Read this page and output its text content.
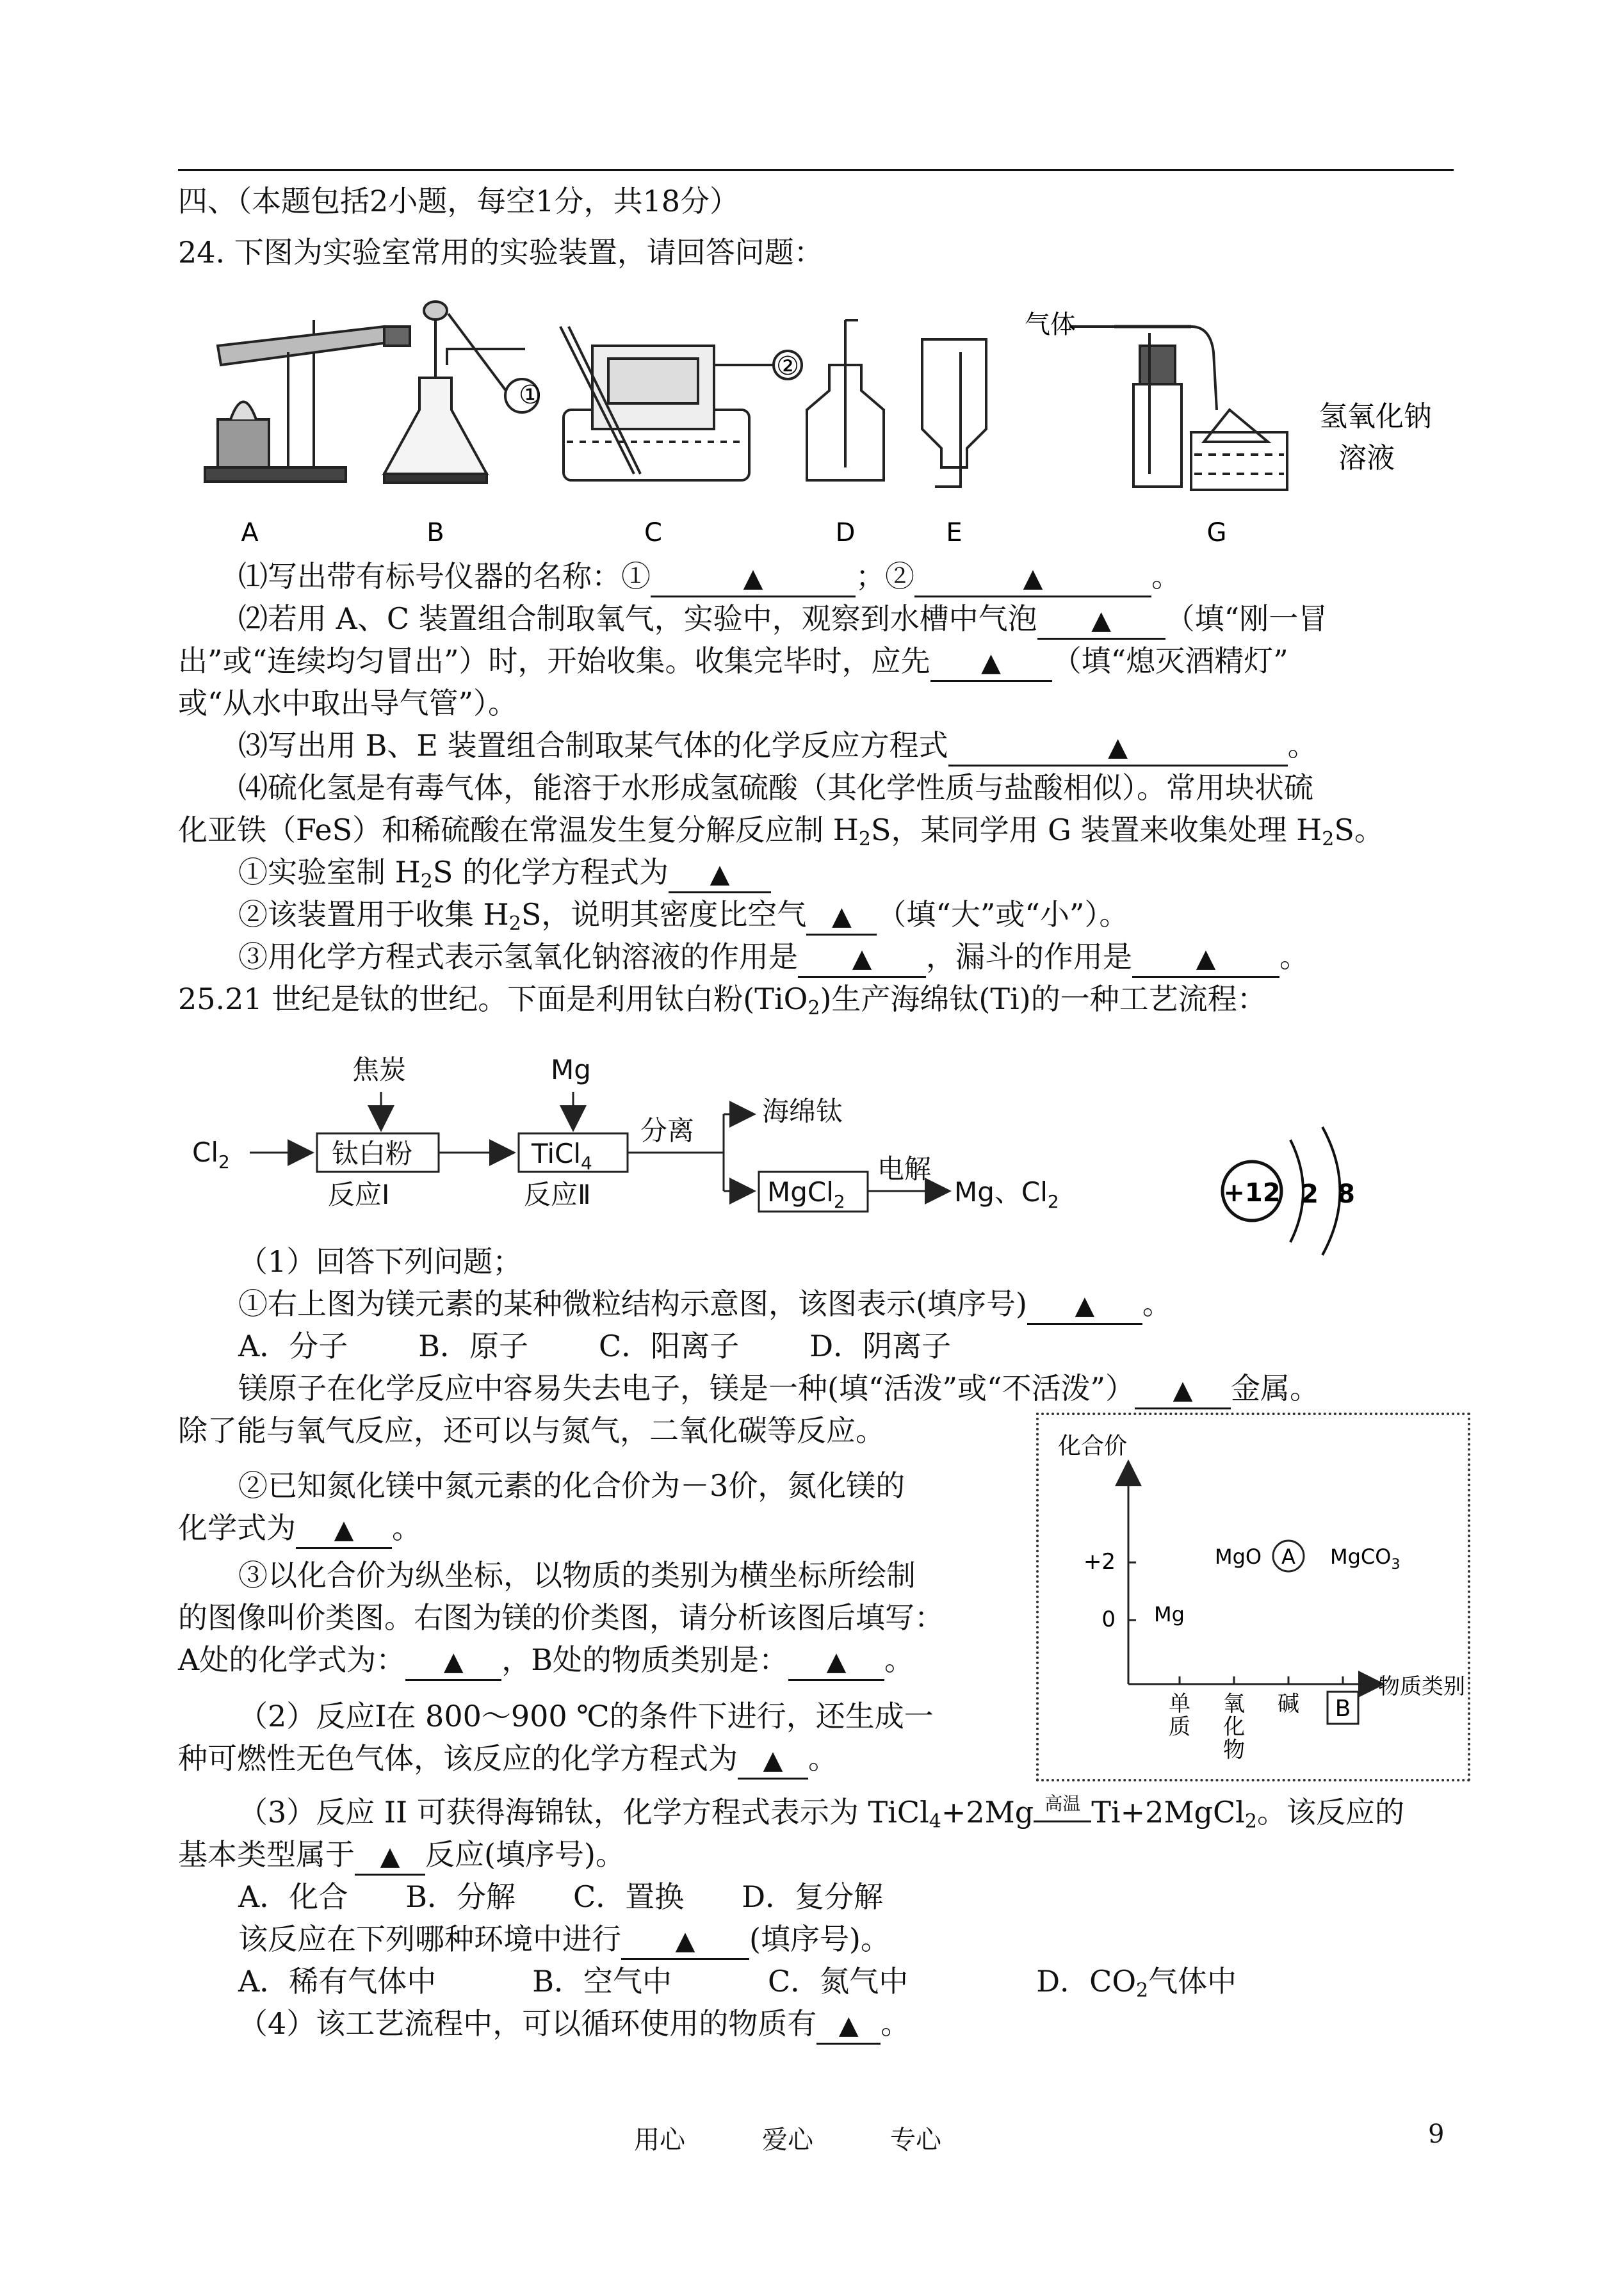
四、（本题包括2小题，每空1分，共18分）
24. 下图为实验室常用的实验装置，请回答问题：
①
②
气体
氢氧化钠
溶液
A	B	C	D	E	G
⑴写出带有标号仪器的名称：①	▲	；②	▲	。
⑵若用 A、C 装置组合制取氧气，实验中，观察到水槽中气泡 ▲ （填“刚一冒
出”或“连续均匀冒出”）时，开始收集。收集完毕时，应先 ▲ （填“熄灭酒精灯”
或“从水中取出导气管”）。
⑶写出用 B、E 装置组合制取某气体的化学反应方程式	▲	。
⑷硫化氢是有毒气体，能溶于水形成氢硫酸（其化学性质与盐酸相似）。常用块状硫
化亚铁（FeS）和稀硫酸在常温发生复分解反应制 $H_2S$，某同学用 G 装置来收集处理 $H_2S$。
①实验室制 $H_2S$ 的化学方程式为 ▲
②该装置用于收集 $H_2S$，说明其密度比空气 ▲ （填“大”或“小”）。
③用化学方程式表示氢氧化钠溶液的作用是 ▲ ，漏斗的作用是 ▲ 。
25.21 世纪是钛的世纪。下面是利用钛白粉(TiO$_2$)生产海绵钛(Ti)的一种工艺流程：
$Cl_2$
焦炭
钛白粉
反应Ⅰ
Mg
TiCl$_4$
反应Ⅱ
分离
海绵钛
MgCl$_2$
电解
Mg、$Cl_2$	+12 2 8
（1）回答下列问题；
①右上图为镁元素的某种微粒结构示意图，该图表示(填序号) ▲ 。
A．分子 B．原子 C．阳离子 D．阴离子
镁原子在化学反应中容易失去电子，镁是一种(填“活泼”或“不活泼”） ▲ 金属。
除了能与氧气反应，还可以与氮气，二氧化碳等反应。
②已知氮化镁中氮元素的化合价为－3价，氮化镁的
化学式为 ▲ 。
③以化合价为纵坐标，以物质的类别为横坐标所绘制
的图像叫价类图。右图为镁的价类图，请分析该图后填写：
A处的化学式为： ▲ ，B处的物质类别是： ▲ 。
化合价
物质类别
+2
0 Mg
MgO A MgCO$_3$
单
质
氧
化
物
碱 B
（2）反应Ⅰ在 800～900 ℃的条件下进行，还生成一
种可燃性无色气体，该反应的化学方程式为 ▲ 。
（3）反应 II 可获得海锦钛，化学方程式表示为 TiCl$_4$+2Mg 高温 Ti+2MgCl$_2$。该反应的
基本类型属于 ▲ 反应(填序号)。
A．化合 B．分解 C．置换 D．复分解
该反应在下列哪种环境中进行 ▲ (填序号)。
A．稀有气体中	B．空气中	C．氮气中	D．$CO_2$气体中
（4）该工艺流程中，可以循环使用的物质有 ▲ 。
用心	爱心	专心	9
